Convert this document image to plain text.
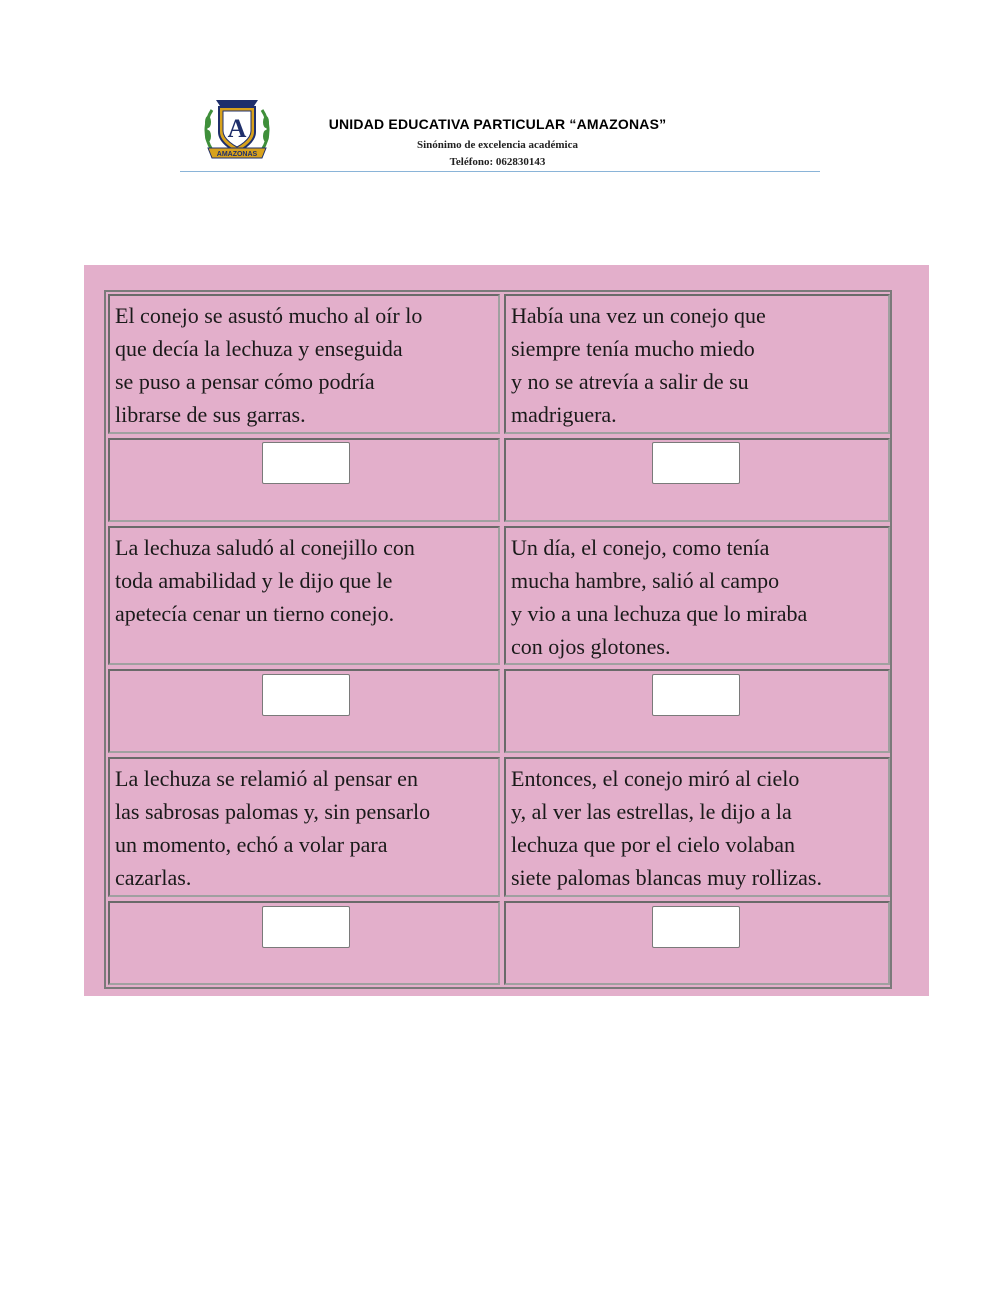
A
AMAZONAS
UNIDAD EDUCATIVA PARTICULAR “AMAZONAS”
Sinónimo de excelencia académica
Teléfono: 062830143
El conejo se asustó mucho al oír lo
que decía la lechuza y enseguida
se puso a pensar cómo podría
librarse de sus garras.
Había una vez un conejo que
siempre tenía mucho miedo
y no se atrevía a salir de su
madriguera.
La lechuza saludó al conejillo con
toda amabilidad y le dijo que le
apetecía cenar un tierno conejo.
Un día, el conejo, como tenía
mucha hambre, salió al campo
y vio a una lechuza que lo miraba
con ojos glotones.
La lechuza se relamió al pensar en
las sabrosas palomas y, sin pensarlo
un momento, echó a volar para
cazarlas.
Entonces, el conejo miró al cielo
y, al ver las estrellas, le dijo a la
lechuza que por el cielo volaban
siete palomas blancas muy rollizas.
